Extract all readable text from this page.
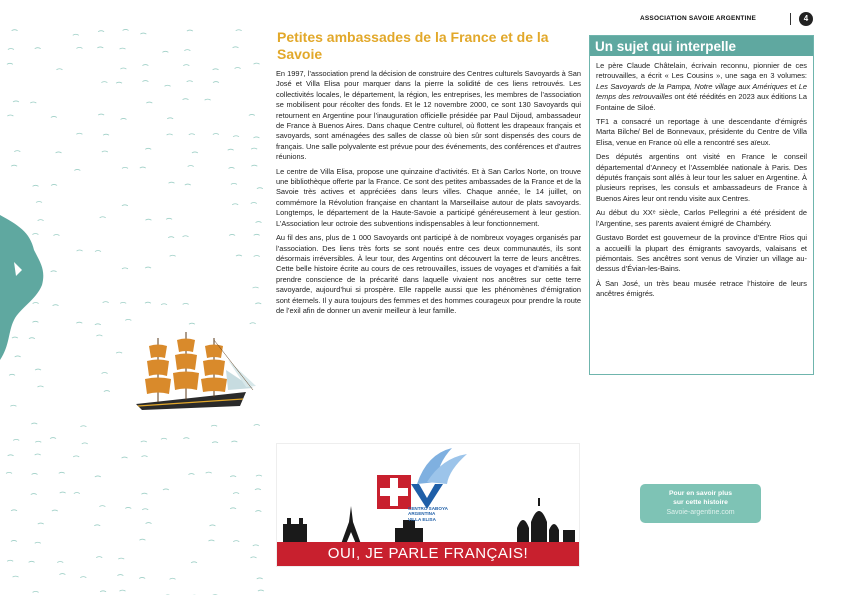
ASSOCIATION SAVOIE ARGENTINE	4
Petites ambassades de la France et de la Savoie

En 1997, l’association prend la décision de construire des Centres culturels Savoyards à San José et Villa Elisa pour marquer dans la pierre la solidité de ces liens retrouvés. Les collectivités locales, le département, la région, les entreprises, les membres de l’association se mobilisent pour récolter des fonds. Et le 12 novembre 2000, ce sont 130 Savoyards qui retournent en Argentine pour l’inauguration officielle présidée par Paul Dijoud, ambassadeur de France à Buenos Aires. Dans chaque Centre culturel, où flottent les drapeaux français et savoyards, sont aménagées des salles de classe où bien sûr sont dispensés des cours de français. Une salle polyvalente est prévue pour des événements, des conférences et d’autres réunions.

Le centre de Villa Elisa, propose une quinzaine d’activités. Et à San Carlos Norte, on trouve une bibliothèque offerte par la France. Ce sont des petites ambassades de la France et de la Savoie très actives et appréciées dans leurs villes. Chaque année, le 14 juillet, on commémore la Révolution française en chantant la Marseillaise autour de plats savoyards. Longtemps, le département de la Haute-Savoie a participé généreusement à leur gestion. L’Association leur octroie des subventions indispensables à leur fonctionnement.

Au fil des ans, plus de 1 000 Savoyards ont participé à de nombreux voyages organisés par l’association. Des liens très forts se sont noués entre ces deux communautés, ils sont désormais irréversibles. À leur tour, des Argentins ont découvert la terre de leurs ancêtres. Cette belle histoire écrite au cours de ces retrouvailles, issues de voyages et d’amitiés a fait prendre conscience de la précarité dans laquelle vivaient nos ancêtres sur cette terre savoyarde, aujourd’hui si prospère. Elle rappelle aussi que les phénomènes d’émigration sont éternels. Il y aura toujours des femmes et des hommes courageux pour prendre la route de l’exil afin de donner un avenir meilleur à leur famille.

Un sujet qui interpelle

Le père Claude Châtelain, écrivain reconnu, pionnier de ces retrouvailles, a écrit « Les Cousins », une saga en 3 volumes: Les Savoyards de la Pampa, Notre village aux Amériques et Le temps des retrouvailles ont été réédités en 2023 aux éditions La Fontaine de Siloé.

TF1 a consacré un reportage à une descendante d’émigrés Marta Bilche/ Bel de Bonnevaux, présidente du Centre de Villa Elisa, venue en France où elle a rencontré ses aïeux.

Des députés argentins ont visité en France le conseil départemental d’Annecy et l’Assemblée nationale à Paris. Des députés français sont allés à leur tour les saluer en Argentine. À plusieurs reprises, les consuls et ambassadeurs de France à Buenos Aires leur ont rendu visite aux Centres.

Au début du XXᵉ siècle, Carlos Pellegrini a été président de l’Argentine, ses parents avaient émigré de Chambéry.

Gustavo Bordet est gouverneur de la province d’Entre Rios qui a accueilli la plupart des émigrants savoyards, valaisans et piémontais. Ses ancêtres sont venus de Vinzier un village au-dessus d’Évian-les-Bains.

À San José, un très beau musée retrace l’histoire de leurs ancêtres émigrés.

CENTRO SABOYA
ARGENTINA
VILLA ELISA
OUI, JE PARLE FRANÇAIS!
Pour en savoir plus
sur cette histoire
Savoie-argentine.com
